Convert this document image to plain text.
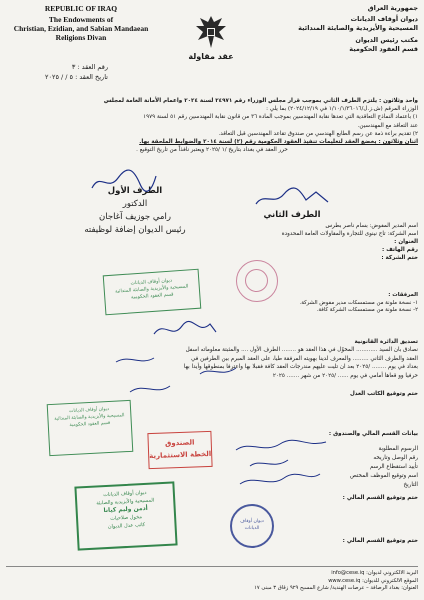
REPUBLIC OF IRAQ
The Endowments of
Christian, Ezidian, and Sabian Mandaean
Religions Divan
عقد مقاولة
جمهورية العراق
ديوان أوقاف الديانات
المسيحية والأيزيدية والصابئة المندائية
مكتب رئيس الديوان
قسم العقود الحكومية
رقم العقد : ٣
تاريخ العقد : ٥ / / ٢٠٢٥
واحد وثلاثون : يلتزم الطرف الثاني بموجب قرار مجلس الوزراء رقم ٢٤٩٧١ لسنة ٢٠٢٤ واعمام الأمانة العامة لمجلس
الوزراء المرقم (ش.ز.ل/١/١٠/١/٣٦٠١٦ في ٢٠٢٤/١٢/١٩) بما يلي :
١) باعتماد النماذج التعاقدية التي تعدها نقابة المهندسين بموجب المادة ٣٦ من قانون نقابة المهندسين رقم ٥١ لسنة ١٩٧٩
عند التعاقد مع المهندسين.
٢) تقديم براءة ذمة عن رسم الطابع الهندسي من صندوق تقاعد المهندسين قبل التعاقد.
اثنان وثلاثون : يخضع العقد لتعليمات تنفيذ العقود الحكومية رقم (٢) لسنة ٢٠١٤ والضوابط الملحقة بها.
حرر العقد في بغداد بتاريخ /١ /٢٠٢٥ ويعتبر نافذاً من تاريخ التوقيع .
الطرف الأول
الدكتور
رامي جوزيف آغاجان
رئيس الديوان إضافة لوظيفته
الطرف الثاني
اسم المدير المفوض: بسام ناصر بطرس
اسم الشركة: تاج نينوى للتجارة والمقاولات العامة المحدودة
العنوان :
رقم الهاتف :
ختم الشركة :
المرفقات :
١- نسخة ملونة من مستمسكات مدير مفوض الشركة.
٢- نسخة ملونة من مستمسكات الشركة كافة.
ديوان أوقاف الديانات
المسيحية والأيزيدية والصابئة المندائية
قسم العقود الحكومية
تصديق الدائرة القانونية
نصادق بان السيد ............ المخوّل في هذا العقد هو ........ الطرف الأول .... والمثبتة معلوماته اسفل
العقد والطرف الثاني ......... والمعرف لدينا بهويته المرفقة طيا، على العقد المبرم بين الطرفين في
بغداد في يوم ........ /٢٠٢٥ بعد ان تليت عليهم مندرجات العقد كافة فقبلا بها واعترفا بمنطوقها وأيدا بها
حرفيا وو قعاها أمامي في يوم ...... /٢٠٢٥ من شهر ....... ٢٠٢٥
ختم وتوقيع الكاتب العدل
ديوان أوقاف الديانات
المسيحية والأيزيدية والصابئة المندائية
قسم العقود الحكومية
الصندوق
الخطة الاستثمارية
ديوان أوقاف الديانات
المسيحية والأيزيدية والصابئة
أدمن وليم كيانا
مخول صلاحيات
كاتب عدل الديوان
بيانات القسم المالي والصندوق :
الرسوم المطلوبة
رقم الوصل وتاريخه
تأييد استقطاع الرسم
اسم وتوقيع الموظف المختص
التاريخ
ختم وتوقيع القسم المالي :
ختم وتوقيع القسم المالي :
ديوان أوقاف
الديانات
البريد الالكتروني لديوان: info@cese.iq
الموقع الالكتروني للديوان: www.cese.iq
العنوان: بغداد الرصافة – عرصات الهندية/ شارع المسبح ٩٢٩ زقاق ٣ مبنى ١٧
